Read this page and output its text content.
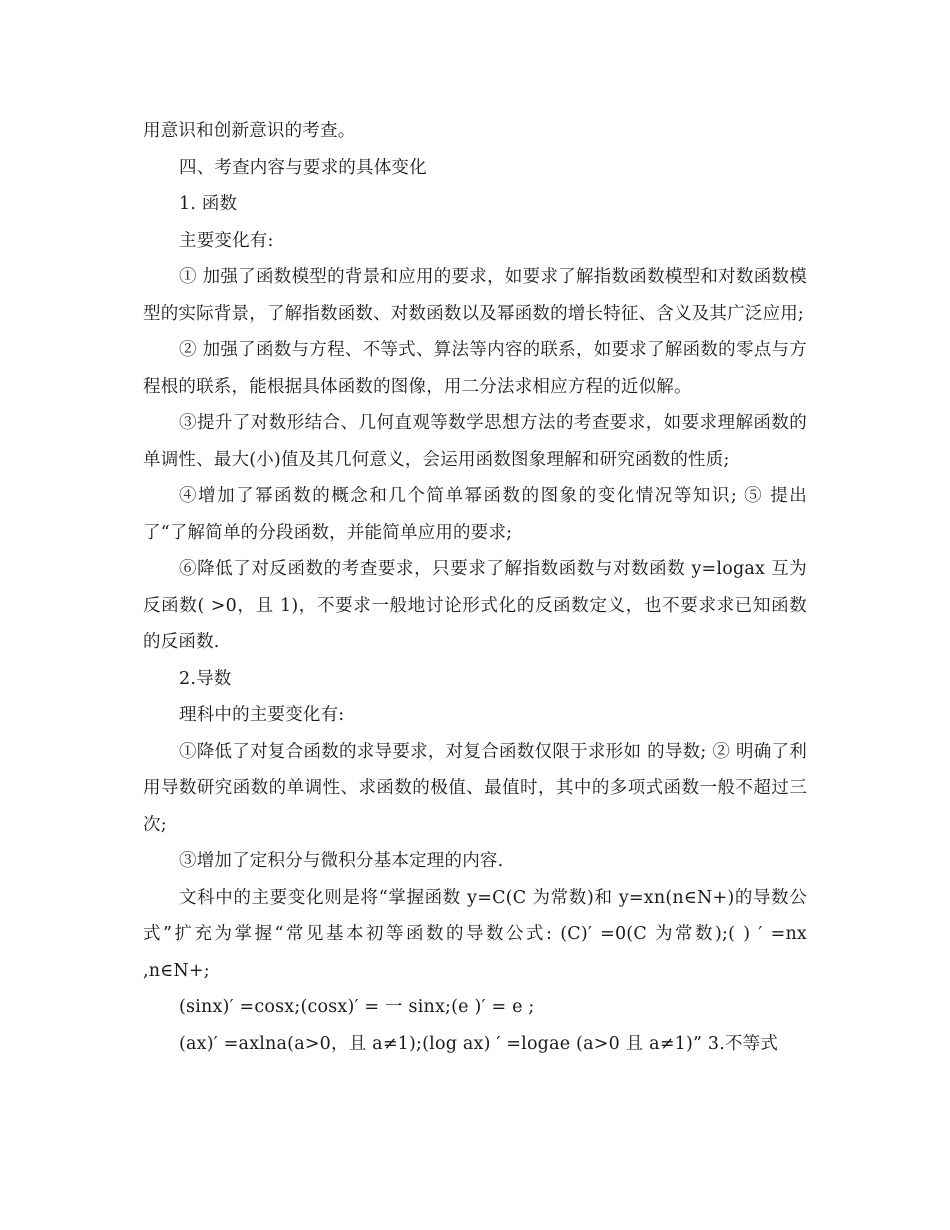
用意识和创新意识的考查。

四、考查内容与要求的具体变化

1. 函数

主要变化有:

① 加强了函数模型的背景和应用的要求，如要求了解指数函数模型和对数函数模型的实际背景，了解指数函数、对数函数以及幂函数的增长特征、含义及其广泛应用;

② 加强了函数与方程、不等式、算法等内容的联系，如要求了解函数的零点与方程根的联系，能根据具体函数的图像，用二分法求相应方程的近似解。

③提升了对数形结合、几何直观等数学思想方法的考查要求，如要求理解函数的单调性、最大(小)值及其几何意义，会运用函数图象理解和研究函数的性质;

④增加了幂函数的概念和几个简单幂函数的图象的变化情况等知识; ⑤ 提出了“了解简单的分段函数，并能简单应用的要求;

⑥降低了对反函数的考查要求，只要求了解指数函数与对数函数 y=logax 互为反函数( >0，且 1)，不要求一般地讨论形式化的反函数定义，也不要求求已知函数的反函数.

2.导数

理科中的主要变化有:

①降低了对复合函数的求导要求，对复合函数仅限于求形如 的导数; ② 明确了利用导数研究函数的单调性、求函数的极值、最值时，其中的多项式函数一般不超过三次;

③增加了定积分与微积分基本定理的内容.

文科中的主要变化则是将“掌握函数 y=C(C 为常数)和 y=xn(n∈N+)的导数公式”扩充为掌握“常见基本初等函数的导数公式: (C)′ =0(C 为常数);( ) ′ =nx ,n∈N+;

(sinx)′ =cosx;(cosx)′ = 一 sinx;(e )′ = e ;

(ax)′ =axlna(a>0，且 a≠1);(log ax) ′ =logae (a>0 且 a≠1)” 3.不等式
